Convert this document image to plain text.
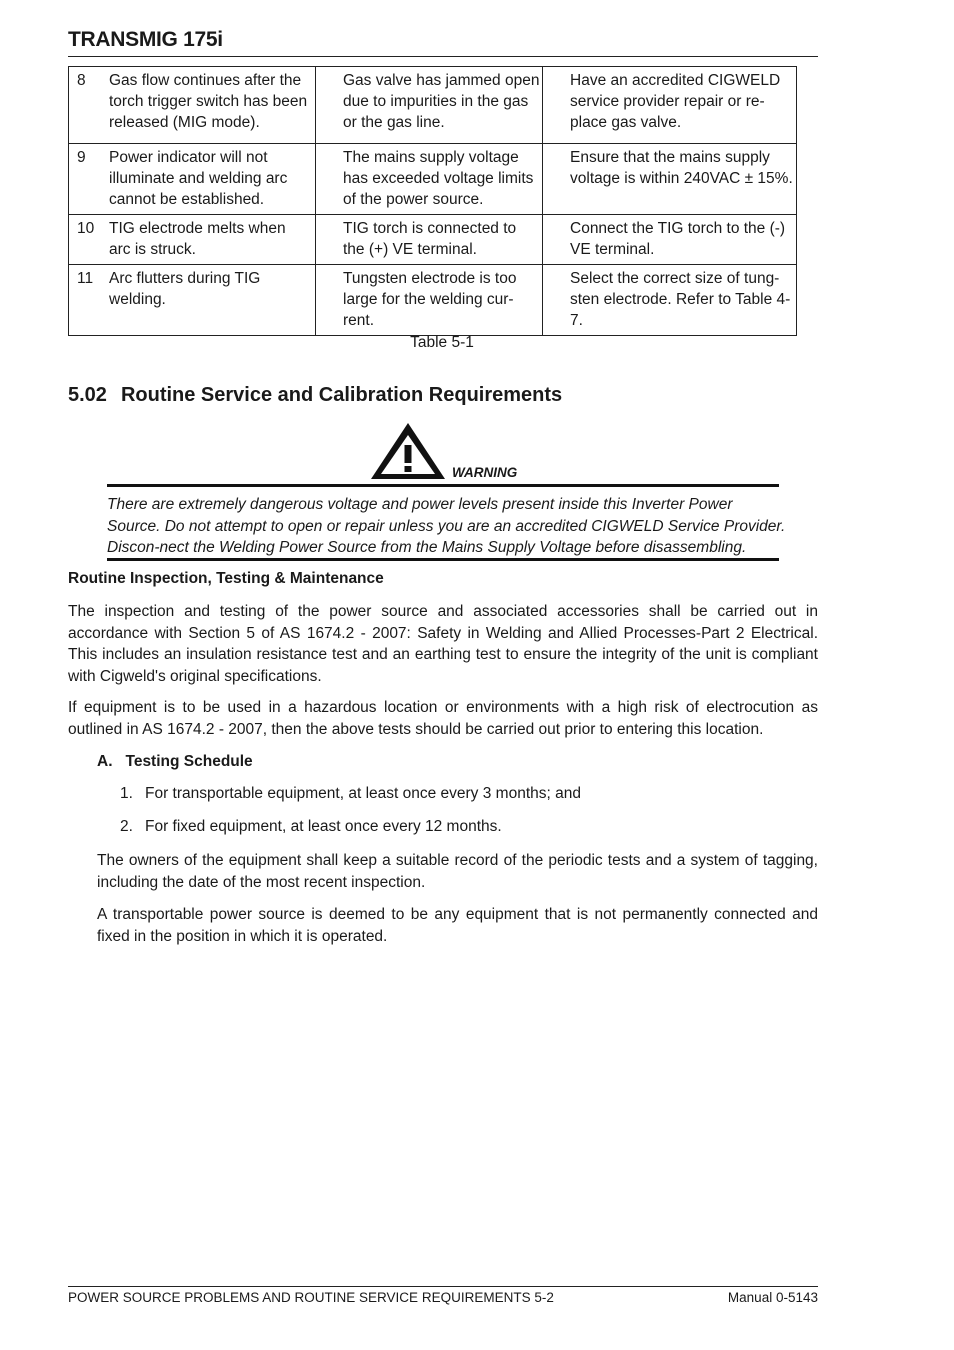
TRANSMIG 175i
8	Gas flow continues after the torch trigger switch has been released (MIG mode).	Gas valve has jammed open due to impurities in the gas or the gas line.	Have an accredited CIGWELD service provider repair or re-place gas valve.
9	Power indicator will not illuminate and welding arc cannot be established.	The mains supply voltage has exceeded voltage limits of the power source.	Ensure that the mains supply voltage is within 240VAC ± 15%.
10	TIG electrode melts when arc is struck.	TIG torch is connected to the (+) VE terminal.	Connect the TIG torch to the (-) VE terminal.
11	Arc flutters during TIG welding.	Tungsten electrode is too large for the welding cur-rent.	Select the correct size of tung-sten electrode. Refer to Table 4-7.
Table 5-1
5.02 Routine Service and Calibration Requirements
WARNING
There are extremely dangerous voltage and power levels present inside this Inverter Power Source. Do not attempt to open or repair unless you are an accredited CIGWELD Service Provider. Discon-nect the Welding Power Source from the Mains Supply Voltage before disassembling.
Routine Inspection, Testing & Maintenance
The inspection and testing of the power source and associated accessories shall be carried out in accordance with Section 5 of AS 1674.2 - 2007: Safety in Welding and Allied Processes-Part 2 Electrical. This includes an insulation resistance test and an earthing test to ensure the integrity of the unit is compliant with Cigweld's original specifications.
If equipment is to be used in a hazardous location or environments with a high risk of electrocution as outlined in AS 1674.2 - 2007, then the above tests should be carried out prior to entering this location.
A. Testing Schedule
1. For transportable equipment, at least once every 3 months; and
2. For fixed equipment, at least once every 12 months.
The owners of the equipment shall keep a suitable record of the periodic tests and a system of tagging, including the date of the most recent inspection.
A transportable power source is deemed to be any equipment that is not permanently connected and fixed in the position in which it is operated.
POWER SOURCE PROBLEMS AND ROUTINE SERVICE REQUIREMENTS 5-2	Manual 0-5143
